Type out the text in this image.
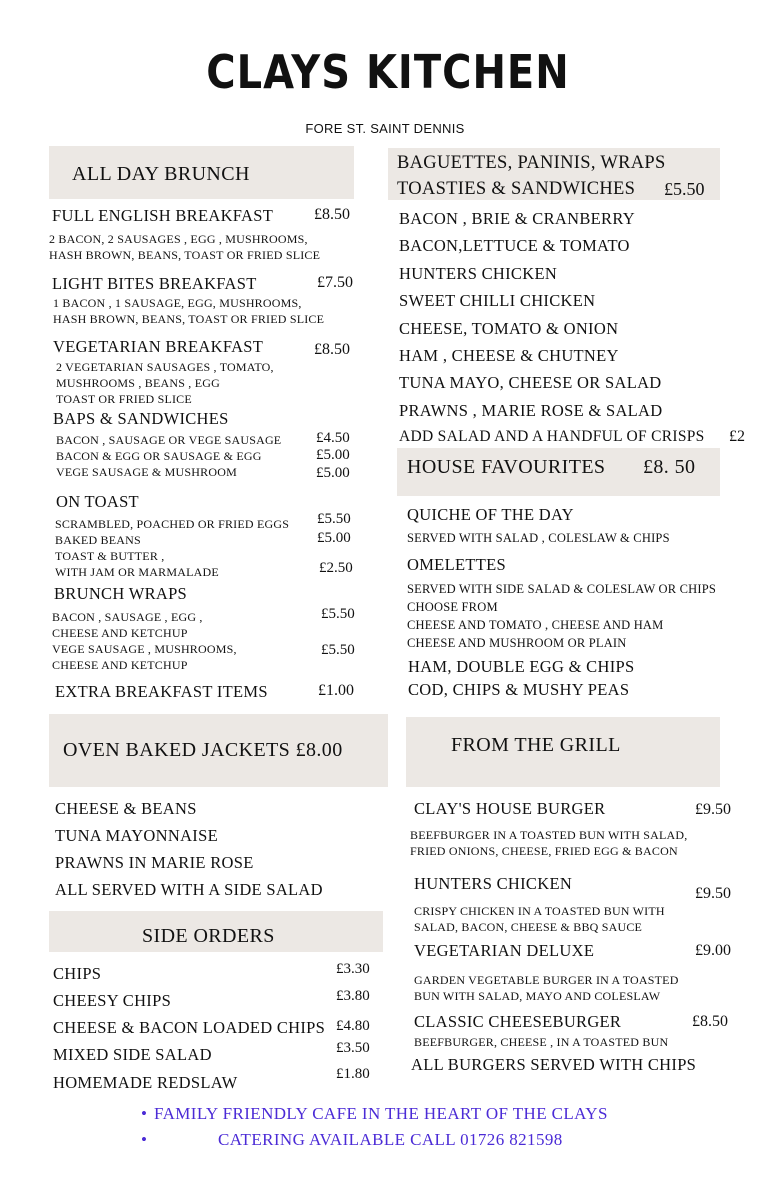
CLAYS KITCHEN
FORE ST. SAINT DENNIS
ALL DAY BRUNCH
FULL ENGLISH BREAKFAST	£8.50
2 BACON, 2 SAUSAGES , EGG , MUSHROOMS,
HASH BROWN, BEANS, TOAST OR FRIED SLICE
LIGHT BITES BREAKFAST	£7.50
1 BACON , 1 SAUSAGE, EGG, MUSHROOMS,
HASH BROWN, BEANS, TOAST OR FRIED SLICE
VEGETARIAN BREAKFAST	£8.50
2 VEGETARIAN SAUSAGES , TOMATO,
MUSHROOMS , BEANS , EGG
TOAST OR FRIED SLICE
BAPS & SANDWICHES
BACON , SAUSAGE OR VEGE SAUSAGE £4.50
BACON & EGG OR SAUSAGE & EGG	£5.00
VEGE SAUSAGE & MUSHROOM	£5.00
ON TOAST
SCRAMBLED, POACHED OR FRIED EGGS £5.50
BAKED BEANS	£5.00
TOAST & BUTTER ,
WITH JAM OR MARMALADE	£2.50
BRUNCH WRAPS
BACON , SAUSAGE , EGG ,
CHEESE AND KETCHUP
£5.50
VEGE SAUSAGE , MUSHROOMS,
CHEESE AND KETCHUP
£5.50
EXTRA BREAKFAST ITEMS	£1.00
OVEN BAKED JACKETS £8.00
CHEESE & BEANS
TUNA MAYONNAISE
PRAWNS IN MARIE ROSE
ALL SERVED WITH A SIDE SALAD
SIDE ORDERS
CHIPS	£3.30
CHEESY CHIPS	£3.80
CHEESE & BACON LOADED CHIPS £4.80
MIXED SIDE SALAD	£3.50
HOMEMADE REDSLAW	£1.80
BAGUETTES, PANINIS, WRAPS
TOASTIES & SANDWICHES £5.50
BACON , BRIE & CRANBERRY
BACON,LETTUCE & TOMATO
HUNTERS CHICKEN
SWEET CHILLI CHICKEN
CHEESE, TOMATO & ONION
HAM , CHEESE & CHUTNEY
TUNA MAYO, CHEESE OR SALAD
PRAWNS , MARIE ROSE & SALAD
ADD SALAD AND A HANDFUL OF CRISPS £2
HOUSE FAVOURITES £8. 50
QUICHE OF THE DAY
SERVED WITH SALAD , COLESLAW & CHIPS
OMELETTES
SERVED WITH SIDE SALAD & COLESLAW OR CHIPS
CHOOSE FROM
CHEESE AND TOMATO , CHEESE AND HAM
CHEESE AND MUSHROOM OR PLAIN
HAM, DOUBLE EGG & CHIPS
COD, CHIPS & MUSHY PEAS
FROM THE GRILL
CLAY'S HOUSE BURGER	£9.50
BEEFBURGER IN A TOASTED BUN WITH SALAD,
FRIED ONIONS, CHEESE, FRIED EGG & BACON
HUNTERS CHICKEN
£9.50
CRISPY CHICKEN IN A TOASTED BUN WITH
SALAD, BACON, CHEESE & BBQ SAUCE
VEGETARIAN DELUXE	£9.00
GARDEN VEGETABLE BURGER IN A TOASTED
BUN WITH SALAD, MAYO AND COLESLAW
CLASSIC CHEESEBURGER	£8.50
BEEFBURGER, CHEESE , IN A TOASTED BUN
ALL BURGERS SERVED WITH CHIPS
• FAMILY FRIENDLY CAFE IN THE HEART OF THE CLAYS
•	CATERING AVAILABLE CALL 01726 821598
